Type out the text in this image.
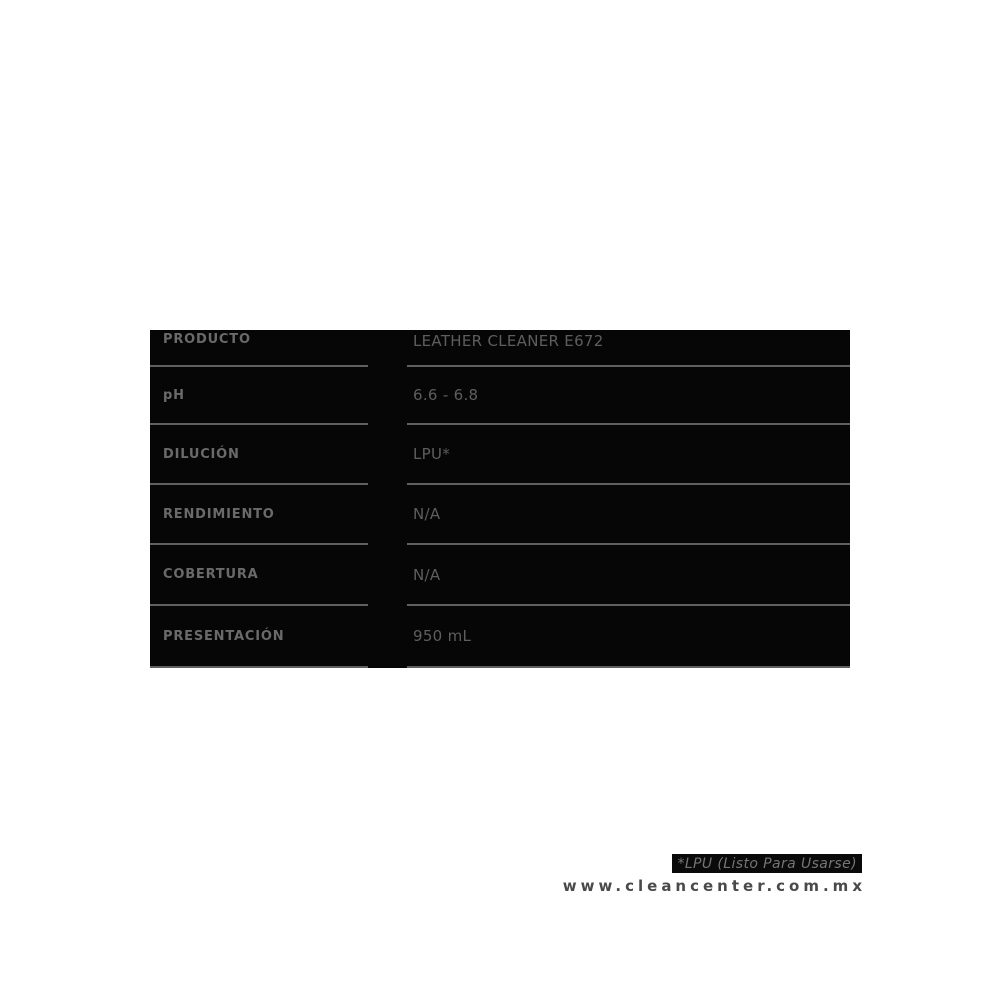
PRODUCTO	LEATHER CLEANER E672
pH	6.6 - 6.8
DILUCIÓN	LPU*
RENDIMIENTO	N/A
COBERTURA	N/A
PRESENTACIÓN	950 mL
*LPU (Listo Para Usarse)
www.cleancenter.com.mx
